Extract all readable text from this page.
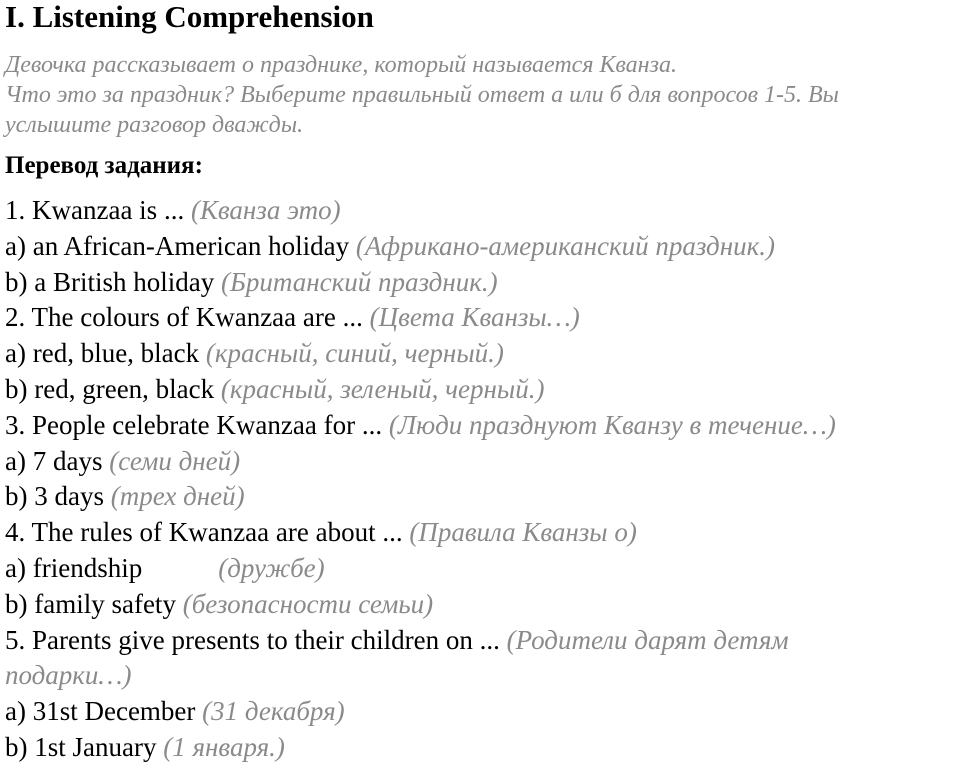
I. Listening Comprehension
Девочка рассказывает о празднике, который называется Кванза.
Что это за праздник? Выберите правильный ответ а или б для вопросов 1-5. Вы
услышите разговор дважды.
Перевод задания:
1. Kwanzaa is ... (Кванза это)
a) an African-American holiday (Африкано-американский праздник.)
b) a British holiday (Британский праздник.)
2. The colours of Kwanzaa are ... (Цвета Кванзы…)
a) red, blue, black (красный, синий, черный.)
b) red, green, black (красный, зеленый, черный.)
3. People celebrate Kwanzaa for ... (Люди празднуют Кванзу в течение…)
a) 7 days (семи дней)
b) 3 days (трех дней)
4. The rules of Kwanzaa are about ... (Правила Кванзы о)
a) friendship	(дружбе)
b) family safety (безопасности семьи)
5. Parents give presents to their children on ... (Родители дарят детям
подарки…)
a) 31st December (31 декабря)
b) 1st January (1 января.)
